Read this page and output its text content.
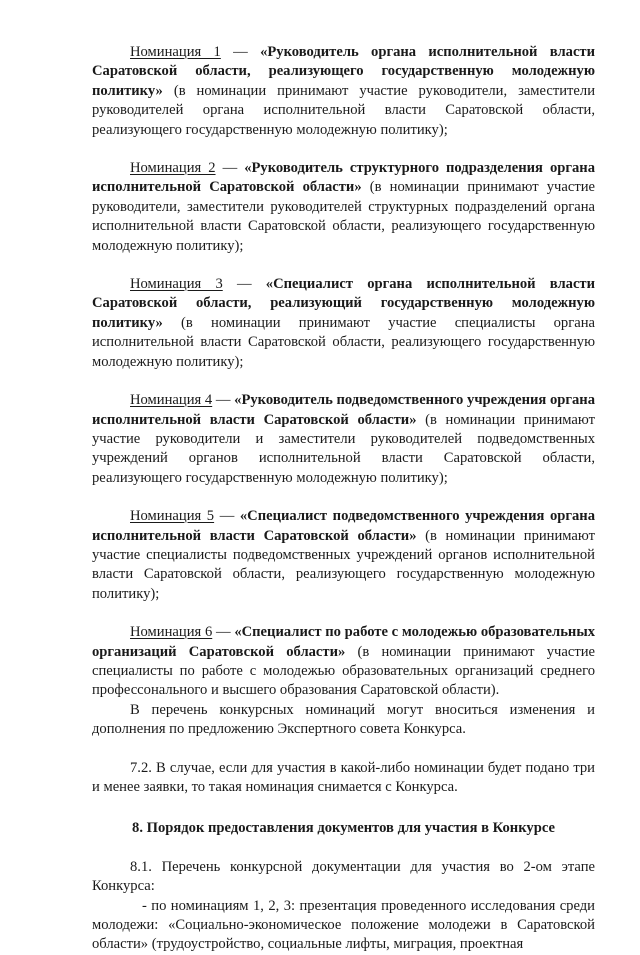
Номинация 1 — «Руководитель органа исполнительной власти Саратовской области, реализующего государственную молодежную политику» (в номинации принимают участие руководители, заместители руководителей органа исполнительной власти Саратовской области, реализующего государственную молодежную политику);

Номинация 2 — «Руководитель структурного подразделения органа исполнительной Саратовской области» (в номинации принимают участие руководители, заместители руководителей структурных подразделений органа исполнительной власти Саратовской области, реализующего государственную молодежную политику);

Номинация 3 — «Специалист органа исполнительной власти Саратовской области, реализующий государственную молодежную политику» (в номинации принимают участие специалисты органа исполнительной власти Саратовской области, реализующего государственную молодежную политику);

Номинация 4 — «Руководитель подведомственного учреждения органа исполнительной власти Саратовской области» (в номинации принимают участие руководители и заместители руководителей подведомственных учреждений органов исполнительной власти Саратовской области, реализующего государственную молодежную политику);

Номинация 5 — «Специалист подведомственного учреждения органа исполнительной власти Саратовской области» (в номинации принимают участие специалисты подведомственных учреждений органов исполнительной власти Саратовской области, реализующего государственную молодежную политику);

Номинация 6 — «Специалист по работе с молодежью образовательных организаций Саратовской области» (в номинации принимают участие специалисты по работе с молодежью образовательных организаций среднего профессонального и высшего образования Саратовской области).

В перечень конкурсных номинаций могут вноситься изменения и дополнения по предложению Экспертного совета Конкурса.

7.2. В случае, если для участия в какой-либо номинации будет подано три и менее заявки, то такая номинация снимается с Конкурса.

8. Порядок предоставления документов для участия в Конкурсе

8.1. Перечень конкурсной документации для участия во 2-ом этапе Конкурса:

- по номинациям 1, 2, 3: презентация проведенного исследования среди молодежи: «Социально-экономическое положение молодежи в Саратовской области» (трудоустройство, социальные лифты, миграция, проектная
